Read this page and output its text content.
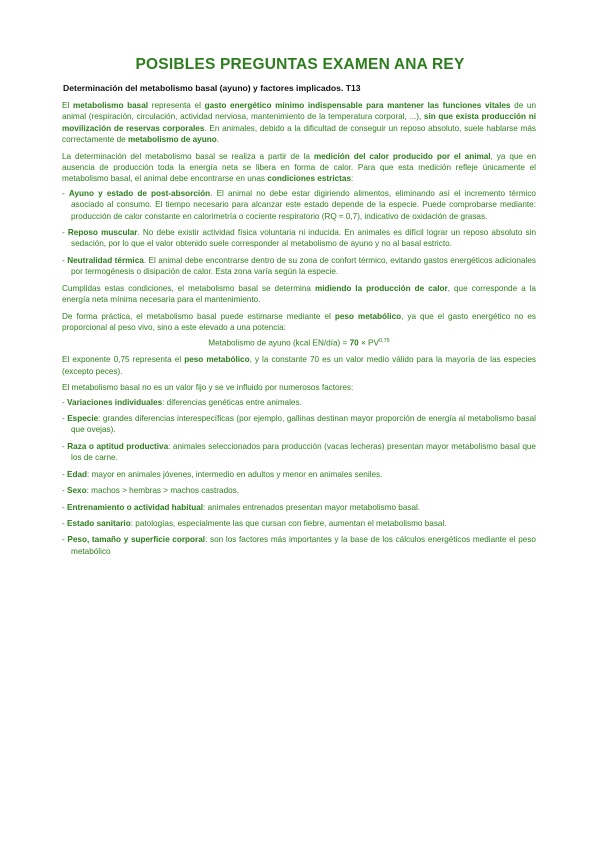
POSIBLES PREGUNTAS EXAMEN ANA REY
Determinación del metabolismo basal (ayuno) y factores implicados. T13

El metabolismo basal representa el gasto energético mínimo indispensable para mantener las funciones vitales de un animal (respiración, circulación, actividad nerviosa, mantenimiento de la temperatura corporal, ...), sin que exista producción ni movilización de reservas corporales. En animales, debido a la dificultad de conseguir un reposo absoluto, suele hablarse más correctamente de metabolismo de ayuno.

La determinación del metabolismo basal se realiza a partir de la medición del calor producido por el animal, ya que en ausencia de producción toda la energía neta se libera en forma de calor. Para que esta medición refleje únicamente el metabolismo basal, el animal debe encontrarse en unas condiciones estrictas:

- Ayuno y estado de post-absorción. El animal no debe estar digiriendo alimentos, eliminando así el incremento térmico asociado al consumo. El tiempo necesario para alcanzar este estado depende de la especie. Puede comprobarse mediante: producción de calor constante en calorimetría o cociente respiratorio (RQ ≈ 0,7), indicativo de oxidación de grasas.

- Reposo muscular. No debe existir actividad física voluntaria ni inducida. En animales es difícil lograr un reposo absoluto sin sedación, por lo que el valor obtenido suele corresponder al metabolismo de ayuno y no al basal estricto.

- Neutralidad térmica. El animal debe encontrarse dentro de su zona de confort térmico, evitando gastos energéticos adicionales por termogénesis o disipación de calor. Esta zona varía según la especie.

Cumplidas estas condiciones, el metabolismo basal se determina midiendo la producción de calor, que corresponde a la energía neta mínima necesaria para el mantenimiento.

De forma práctica, el metabolismo basal puede estimarse mediante el peso metabólico, ya que el gasto energético no es proporcional al peso vivo, sino a este elevado a una potencia:

Metabolismo de ayuno (kcal EN/día) = 70 × PV$^{0,75}$

El exponente 0,75 representa el peso metabólico, y la constante 70 es un valor medio válido para la mayoría de las especies (excepto peces).

El metabolismo basal no es un valor fijo y se ve influido por numerosos factores:

- Variaciones individuales: diferencias genéticas entre animales.

- Especie: grandes diferencias interespecíficas (por ejemplo, gallinas destinan mayor proporción de energía al metabolismo basal que ovejas).

- Raza o aptitud productiva: animales seleccionados para producción (vacas lecheras) presentan mayor metabolismo basal que los de carne.

- Edad: mayor en animales jóvenes, intermedio en adultos y menor en animales seniles.

- Sexo: machos > hembras > machos castrados.

- Entrenamiento o actividad habitual: animales entrenados presentan mayor metabolismo basal.

- Estado sanitario: patologías, especialmente las que cursan con fiebre, aumentan el metabolismo basal.

- Peso, tamaño y superficie corporal: son los factores más importantes y la base de los cálculos energéticos mediante el peso metabólico
